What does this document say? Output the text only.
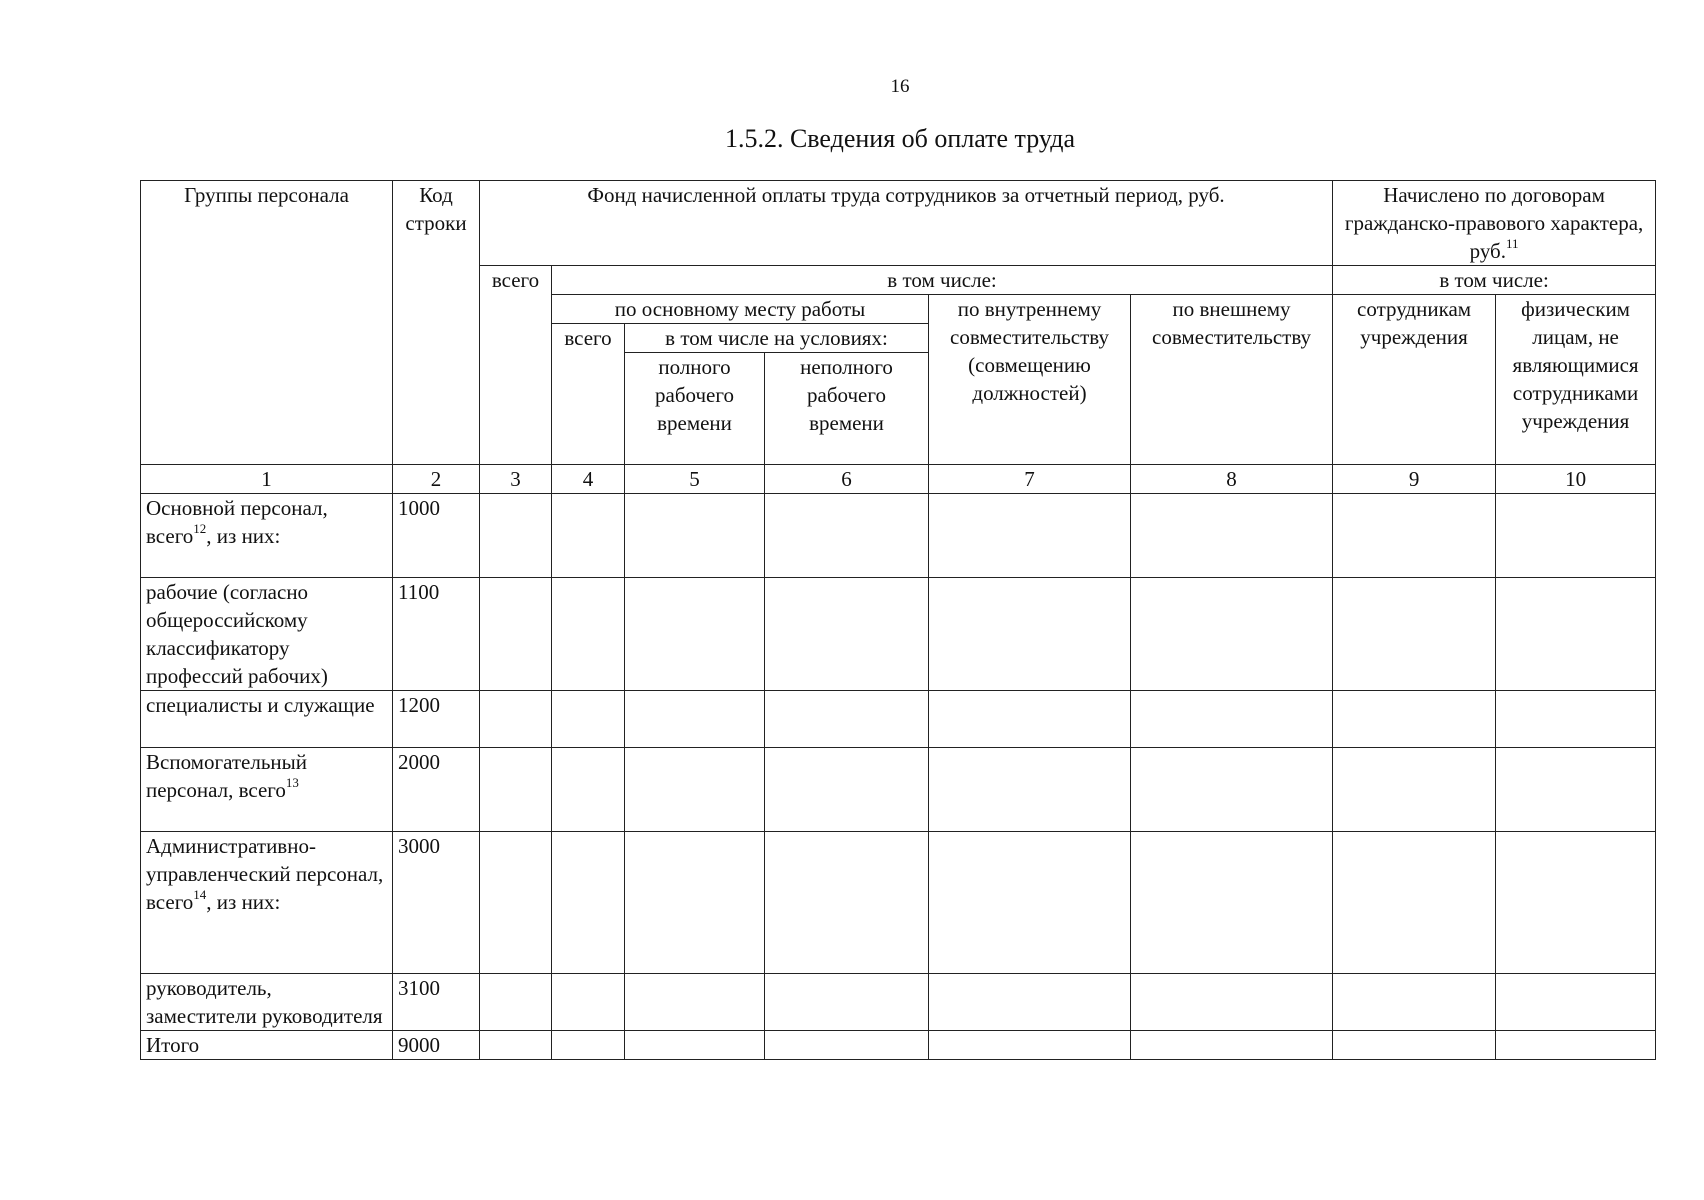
16
1.5.2. Сведения об оплате труда
Группы персонала	Код строки	Фонд начисленной оплаты труда сотрудников за отчетный период, руб.						Начислено по договорам гражданско-правового характера, руб.$^{11}$
		всего	в том числе:					в том числе:	
			по основному месту работы			по внутреннему совместительству (совмещению должностей)	по внешнему совместительству	сотрудникам учреждения	физическим лицам, не являющимися сотрудниками учреждения
			всего	в том числе на условиях:					
				полного рабочего времени	неполного рабочего времени				
1	2	3	4	5	6	7	8	9	10
Основной персонал, всего$^{12}$, из них:	1000								
рабочие (согласно общероссийскому классификатору профессий рабочих)	1100								
специалисты и служащие	1200								
Вспомогательный персонал, всего$^{13}$	2000								
Административно-управленческий персонал, всего$^{14}$, из них:	3000								
руководитель, заместители руководителя	3100								
Итого	9000								
